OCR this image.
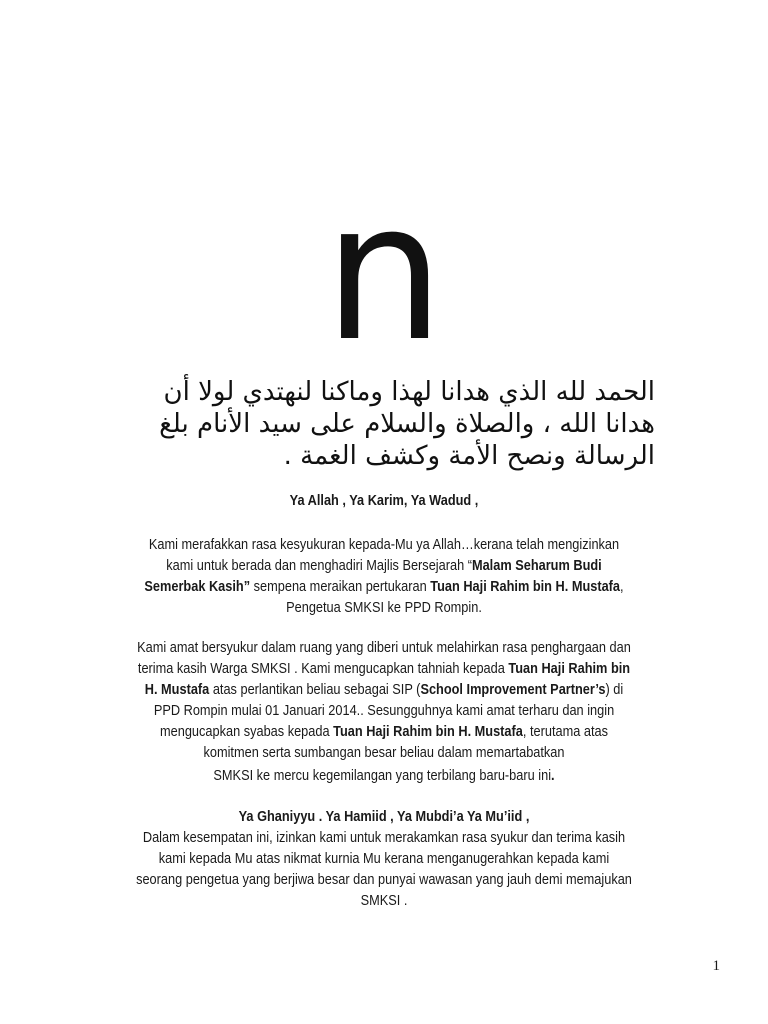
n
الحمد لله الذي هدانا لهذا وماكنا لنهتدي لولا أن
هدانا الله ، والصلاة والسلام على سيد الأنام بلغ
الرسالة ونصح الأمة وكشف الغمة .
Ya Allah , Ya Karim, Ya Wadud ,
Kami merafakkan rasa kesyukuran kepada-Mu ya Allah…kerana telah mengizinkan kami untuk berada dan menghadiri Majlis Bersejarah “Malam Seharum Budi Semerbak Kasih” sempena meraikan pertukaran Tuan Haji Rahim bin H. Mustafa, Pengetua SMKSI ke PPD Rompin.
Kami amat bersyukur dalam ruang yang diberi untuk melahirkan rasa penghargaan dan terima kasih Warga SMKSI . Kami mengucapkan tahniah kepada Tuan Haji Rahim bin H. Mustafa atas perlantikan beliau sebagai SIP (School Improvement Partner’s) di PPD Rompin mulai 01 Januari 2014.. Sesungguhnya kami amat terharu dan ingin mengucapkan syabas kepada Tuan Haji Rahim bin H. Mustafa, terutama atas komitmen serta sumbangan besar beliau dalam memartabatkan
SMKSI ke mercu kegemilangan yang terbilang baru-baru ini.
Ya Ghaniyyu . Ya Hamiid , Ya Mubdi’a Ya Mu’iid ,
Dalam kesempatan ini, izinkan kami untuk merakamkan rasa syukur dan terima kasih kami kepada Mu atas nikmat kurnia Mu kerana menganugerahkan kepada kami seorang pengetua yang berjiwa besar dan punyai wawasan yang jauh demi memajukan SMKSI .
1
